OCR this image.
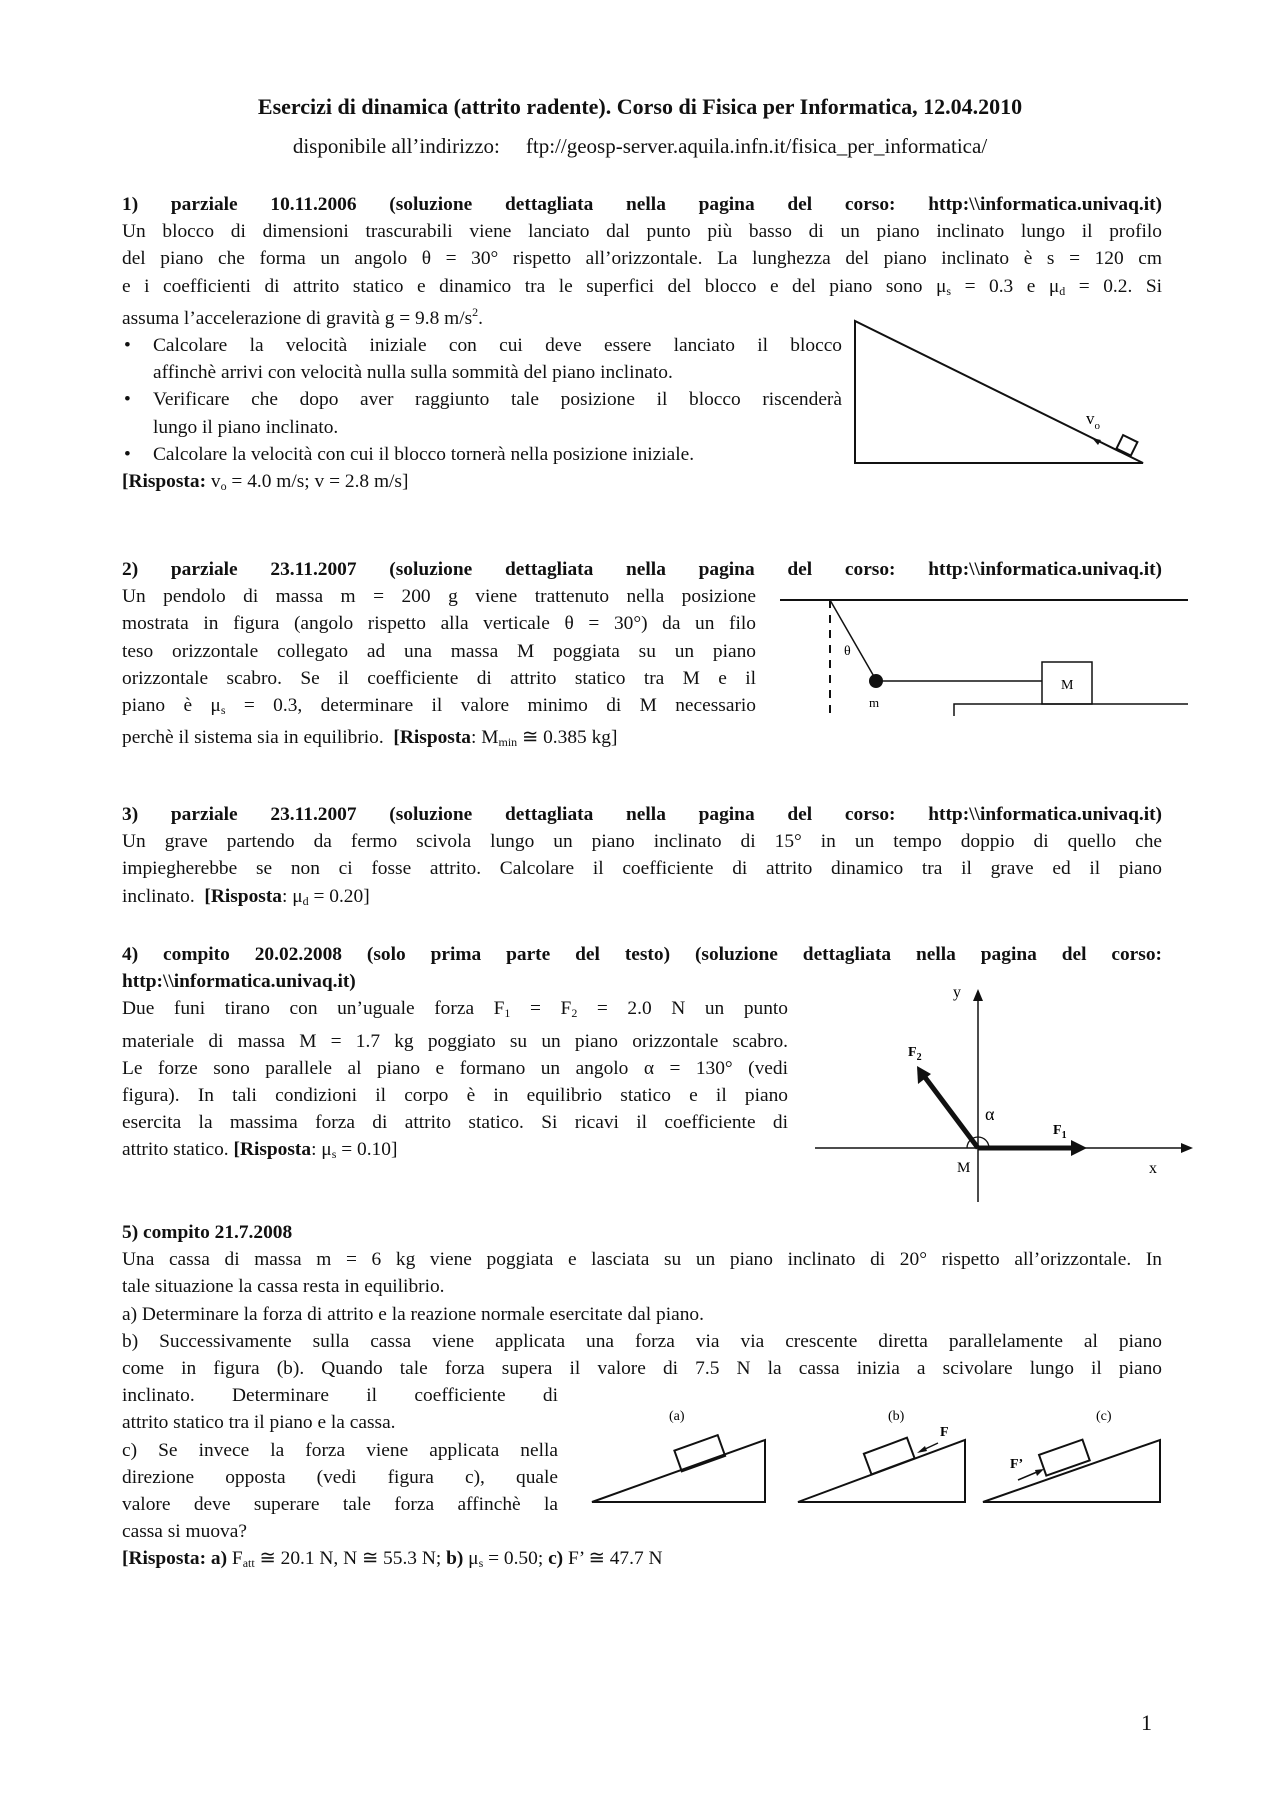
Esercizi di dinamica (attrito radente). Corso di Fisica per Informatica, 12.04.2010
disponibile all’indirizzo: ftp://geosp-server.aquila.infn.it/fisica_per_informatica/
1) parziale 10.11.2006 (soluzione dettagliata nella pagina del corso: http:\\informatica.univaq.it)
Un blocco di dimensioni trascurabili viene lanciato dal punto più basso di un piano inclinato lungo il profilo
del piano che forma un angolo θ = 30° rispetto all’orizzontale. La lunghezza del piano inclinato è s = 120 cm
e i coefficienti di attrito statico e dinamico tra le superfici del blocco e del piano sono $\mu_s = 0.3$ e $\mu_d = 0.2$. Si
assuma l’accelerazione di gravità g = 9.8 $m/s^2$.
• Calcolare la velocità iniziale con cui deve essere lanciato il blocco
affinchè arrivi con velocità nulla sulla sommità del piano inclinato.
• Verificare che dopo aver raggiunto tale posizione il blocco riscenderà
lungo il piano inclinato.
• Calcolare la velocità con cui il blocco tornerà nella posizione iniziale.
[Risposta: $v_o = 4.0$ m/s; v = 2.8 m/s]
$v_o$
2) parziale 23.11.2007 (soluzione dettagliata nella pagina del corso: http:\\informatica.univaq.it)
Un pendolo di massa m = 200 g viene trattenuto nella posizione
mostrata in figura (angolo rispetto alla verticale θ = 30°) da un filo
teso orizzontale collegato ad una massa M poggiata su un piano
orizzontale scabro. Se il coefficiente di attrito statico tra M e il
piano è $\mu_s = 0.3$, determinare il valore minimo di M necessario
perchè il sistema sia in equilibrio. [Risposta: $M_{min}$ ≅ 0.385 kg]
θ
m
M
3) parziale 23.11.2007 (soluzione dettagliata nella pagina del corso: http:\\informatica.univaq.it)
Un grave partendo da fermo scivola lungo un piano inclinato di 15° in un tempo doppio di quello che
impiegherebbe se non ci fosse attrito. Calcolare il coefficiente di attrito dinamico tra il grave ed il piano
inclinato. [Risposta: $\mu_d = 0.20$]
4) compito 20.02.2008 (solo prima parte del testo) (soluzione dettagliata nella pagina del corso:
http:\\informatica.univaq.it)
Due funi tirano con un’uguale forza $F_1 = F_2 = 2.0$ N un punto
materiale di massa M = 1.7 kg poggiato su un piano orizzontale scabro.
Le forze sono parallele al piano e formano un angolo α = 130° (vedi
figura). In tali condizioni il corpo è in equilibrio statico e il piano
esercita la massima forza di attrito statico. Si ricavi il coefficiente di
attrito statico. [Risposta: $\mu_s = 0.10$]
y
x
$F_2$
$F_1$
α
M
5) compito 21.7.2008
Una cassa di massa m = 6 kg viene poggiata e lasciata su un piano inclinato di 20° rispetto all’orizzontale. In
tale situazione la cassa resta in equilibrio.
a) Determinare la forza di attrito e la reazione normale esercitate dal piano.
b) Successivamente sulla cassa viene applicata una forza via via crescente diretta parallelamente al piano
come in figura (b). Quando tale forza supera il valore di 7.5 N la cassa inizia a scivolare lungo il piano
inclinato. Determinare il coefficiente di
attrito statico tra il piano e la cassa.
c) Se invece la forza viene applicata nella
direzione opposta (vedi figura c), quale
valore deve superare tale forza affinchè la
cassa si muova?
[Risposta: a) $F_{att}$ ≅ 20.1 N, N ≅ 55.3 N; b) $\mu_s = 0.50$; c) F’ ≅ 47.7 N
(a)	(b)	(c)
F
F’
1
